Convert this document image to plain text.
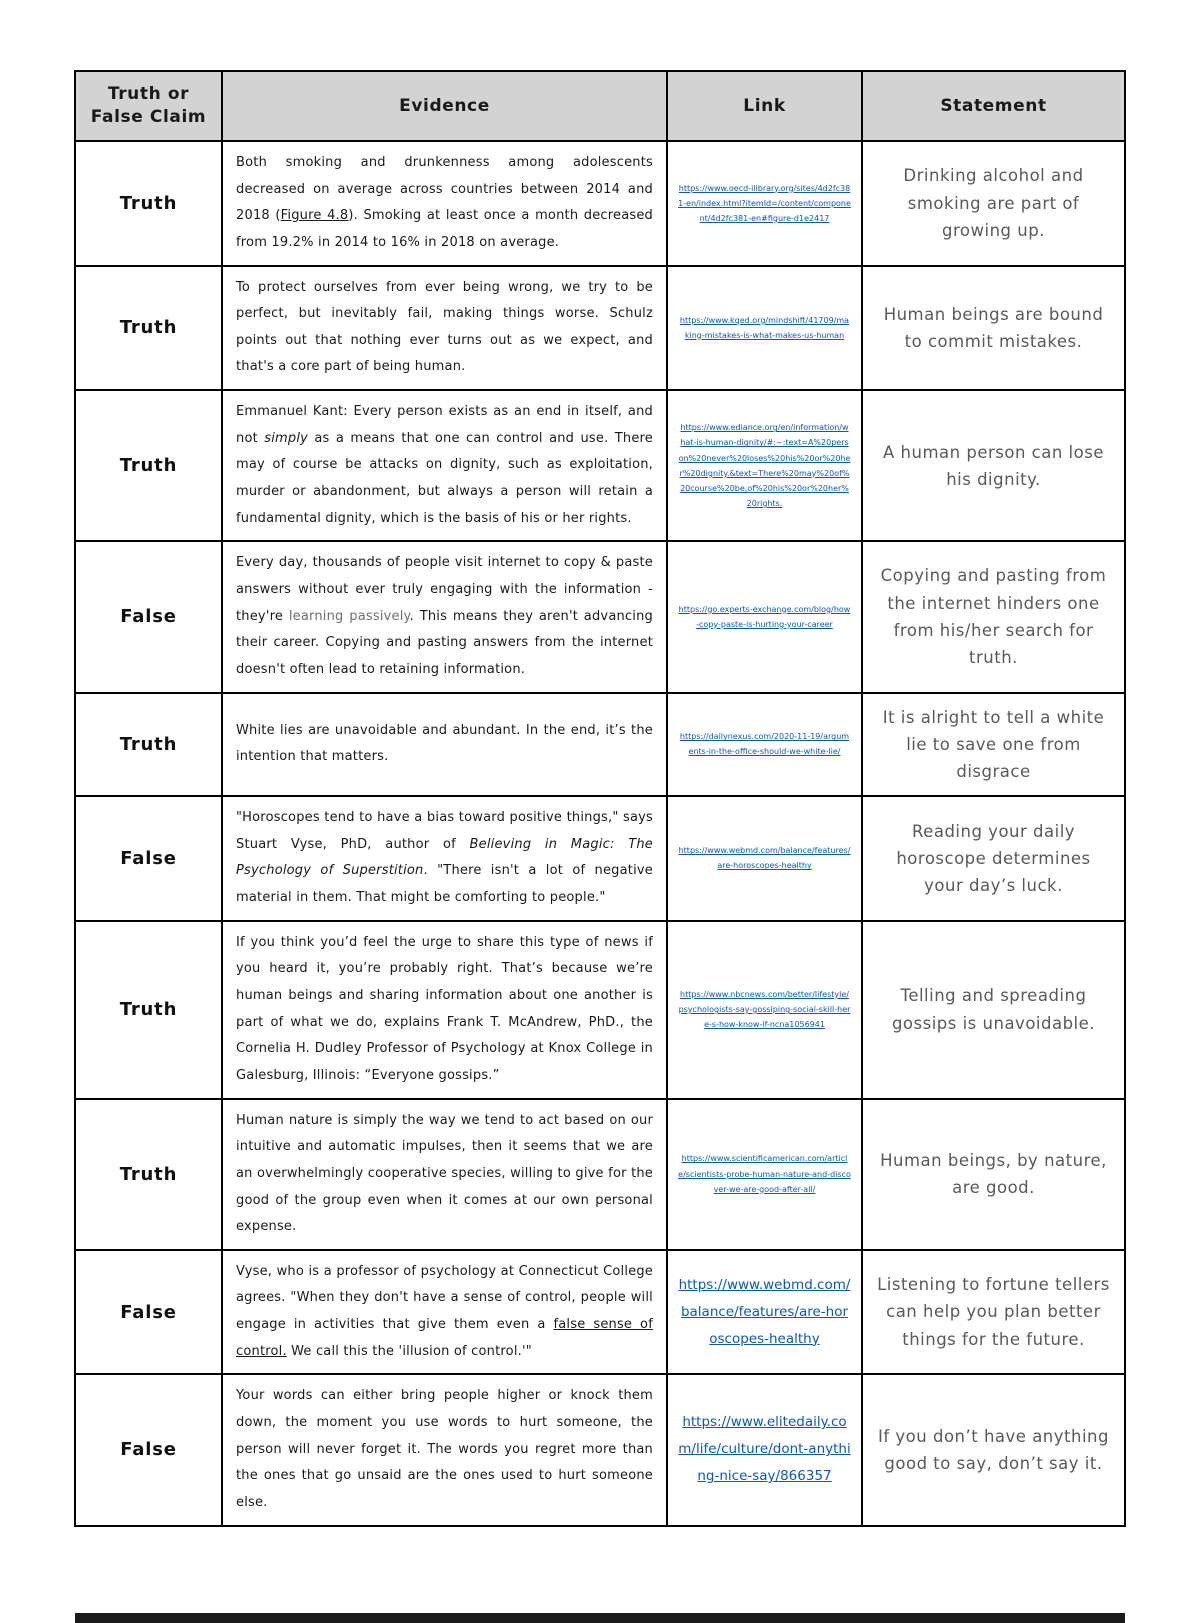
Truth or False Claim	Evidence	Link	Statement
Truth	Both smoking and drunkenness among adolescents decreased on average across countries between 2014 and 2018 (Figure 4.8). Smoking at least once a month decreased from 19.2% in 2014 to 16% in 2018 on average.	https://www.oecd-ilibrary.org/sites/4d2fc381-en/index.html?itemId=/content/component/4d2fc381-en#figure-d1e2417	Drinking alcohol and smoking are part of growing up.
Truth	To protect ourselves from ever being wrong, we try to be perfect, but inevitably fail, making things worse. Schulz points out that nothing ever turns out as we expect, and that's a core part of being human.	https://www.kqed.org/mindshift/41709/making-mistakes-is-what-makes-us-human	Human beings are bound to commit mistakes.
Truth	Emmanuel Kant: Every person exists as an end in itself, and not simply as a means that one can control and use. There may of course be attacks on dignity, such as exploitation, murder or abandonment, but always a person will retain a fundamental dignity, which is the basis of his or her rights.	https://www.ediance.org/en/information/what-is-human-dignity/#:~:text=A%20person%20never%20loses%20his%20or%20her%20dignity.&text=There%20may%20of%20course%20be,of%20his%20or%20her%20rights.	A human person can lose his dignity.
False	Every day, thousands of people visit internet to copy & paste answers without ever truly engaging with the information - they're learning passively. This means they aren't advancing their career. Copying and pasting answers from the internet doesn't often lead to retaining information.	https://go.experts-exchange.com/blog/how-copy-paste-is-hurting-your-career	Copying and pasting from the internet hinders one from his/her search for truth.
Truth	White lies are unavoidable and abundant. In the end, it’s the intention that matters.	https://dailynexus.com/2020-11-19/arguments-in-the-office-should-we-white-lie/	It is alright to tell a white lie to save one from disgrace
False	"Horoscopes tend to have a bias toward positive things," says Stuart Vyse, PhD, author of Believing in Magic: The Psychology of Superstition. "There isn't a lot of negative material in them. That might be comforting to people."	https://www.webmd.com/balance/features/are-horoscopes-healthy	Reading your daily horoscope determines your day’s luck.
Truth	If you think you’d feel the urge to share this type of news if you heard it, you’re probably right. That’s because we’re human beings and sharing information about one another is part of what we do, explains Frank T. McAndrew, PhD., the Cornelia H. Dudley Professor of Psychology at Knox College in Galesburg, Illinois: “Everyone gossips.”	https://www.nbcnews.com/better/lifestyle/psychologists-say-gossiping-social-skill-here-s-how-know-if-ncna1056941	Telling and spreading gossips is unavoidable.
Truth	Human nature is simply the way we tend to act based on our intuitive and automatic impulses, then it seems that we are an overwhelmingly cooperative species, willing to give for the good of the group even when it comes at our own personal expense.	https://www.scientificamerican.com/article/scientists-probe-human-nature-and-discover-we-are-good-after-all/	Human beings, by nature, are good.
False	Vyse, who is a professor of psychology at Connecticut College agrees. "When they don't have a sense of control, people will engage in activities that give them even a false sense of control. We call this the 'illusion of control.'"	https://www.webmd.com/balance/features/are-horoscopes-healthy	Listening to fortune tellers can help you plan better things for the future.
False	Your words can either bring people higher or knock them down, the moment you use words to hurt someone, the person will never forget it. The words you regret more than the ones that go unsaid are the ones used to hurt someone else.	https://www.elitedaily.com/life/culture/dont-anything-nice-say/866357	If you don’t have anything good to say, don’t say it.
